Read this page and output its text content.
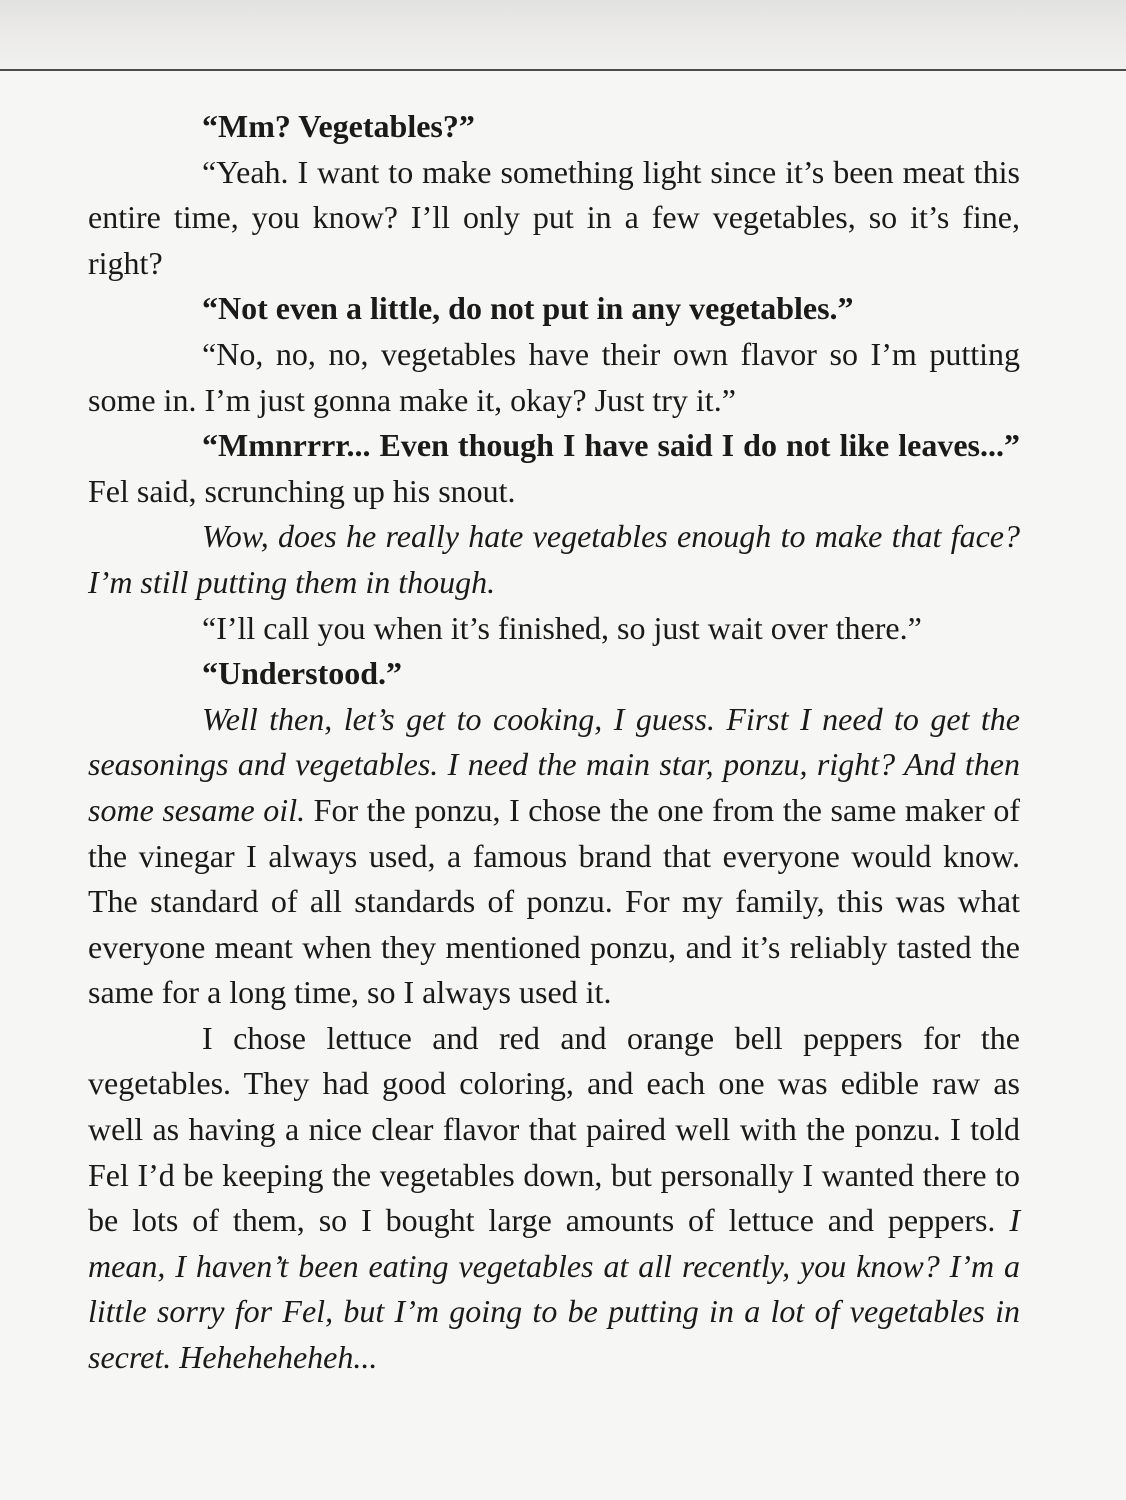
“Mm? Vegetables?”

“Yeah. I want to make something light since it’s been meat this entire time, you know? I’ll only put in a few vegetables, so it’s fine, right?

“Not even a little, do not put in any vegetables.”

“No, no, no, vegetables have their own flavor so I’m putting some in. I’m just gonna make it, okay? Just try it.”

“Mmnrrrr... Even though I have said I do not like leaves...” Fel said, scrunching up his snout.

Wow, does he really hate vegetables enough to make that face? I’m still putting them in though.

“I’ll call you when it’s finished, so just wait over there.”

“Understood.”

Well then, let’s get to cooking, I guess. First I need to get the seasonings and vegetables. I need the main star, ponzu, right? And then some sesame oil. For the ponzu, I chose the one from the same maker of the vinegar I always used, a famous brand that everyone would know. The standard of all standards of ponzu. For my family, this was what everyone meant when they mentioned ponzu, and it’s reliably tasted the same for a long time, so I always used it.

I chose lettuce and red and orange bell peppers for the vegetables. They had good coloring, and each one was edible raw as well as having a nice clear flavor that paired well with the ponzu. I told Fel I’d be keeping the vegetables down, but personally I wanted there to be lots of them, so I bought large amounts of lettuce and peppers. I mean, I haven’t been eating vegetables at all recently, you know? I’m a little sorry for Fel, but I’m going to be putting in a lot of vegetables in secret. Heheheheheh...
